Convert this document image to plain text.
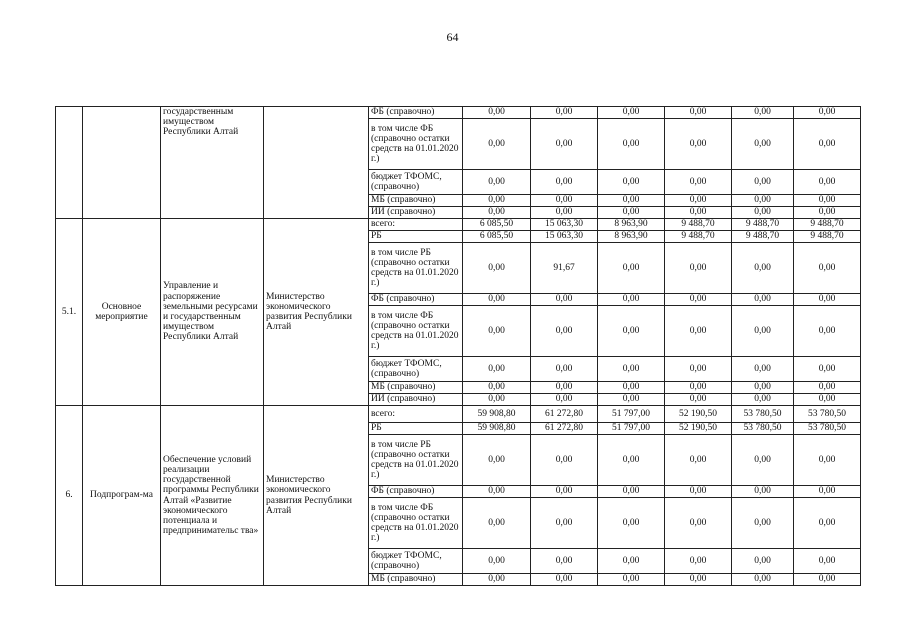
64
		государственным имуществом Республики Алтай		ФБ (справочно)	0,00	0,00	0,00	0,00	0,00	0,00
				в том числе ФБ (справочно остатки средств на 01.01.2020 г.)	0,00	0,00	0,00	0,00	0,00	0,00
				бюджет ТФОМС, (справочно)	0,00	0,00	0,00	0,00	0,00	0,00
				МБ (справочно)	0,00	0,00	0,00	0,00	0,00	0,00
				ИИ (справочно)	0,00	0,00	0,00	0,00	0,00	0,00
5.1.	Основное мероприятие	Управление и распоряжение земельными ресурсами и государственным имуществом Республики Алтай	Министерство экономического развития Республики Алтай	всего:	6 085,50	15 063,30	8 963,90	9 488,70	9 488,70	9 488,70
				РБ	6 085,50	15 063,30	8 963,90	9 488,70	9 488,70	9 488,70
				в том числе РБ (справочно остатки средств на 01.01.2020 г.)	0,00	91,67	0,00	0,00	0,00	0,00
				ФБ (справочно)	0,00	0,00	0,00	0,00	0,00	0,00
				в том числе ФБ (справочно остатки средств на 01.01.2020 г.)	0,00	0,00	0,00	0,00	0,00	0,00
				бюджет ТФОМС, (справочно)	0,00	0,00	0,00	0,00	0,00	0,00
				МБ (справочно)	0,00	0,00	0,00	0,00	0,00	0,00
				ИИ (справочно)	0,00	0,00	0,00	0,00	0,00	0,00
6.	Подпрограм-ма	Обеспечение условий реализации государственной программы Республики Алтай «Развитие экономического потенциала и предпринимательс тва»	Министерство экономического развития Республики Алтай	всего:	59 908,80	61 272,80	51 797,00	52 190,50	53 780,50	53 780,50
				РБ	59 908,80	61 272,80	51 797,00	52 190,50	53 780,50	53 780,50
				в том числе РБ (справочно остатки средств на 01.01.2020 г.)	0,00	0,00	0,00	0,00	0,00	0,00
				ФБ (справочно)	0,00	0,00	0,00	0,00	0,00	0,00
				в том числе ФБ (справочно остатки средств на 01.01.2020 г.)	0,00	0,00	0,00	0,00	0,00	0,00
				бюджет ТФОМС, (справочно)	0,00	0,00	0,00	0,00	0,00	0,00
				МБ (справочно)	0,00	0,00	0,00	0,00	0,00	0,00
